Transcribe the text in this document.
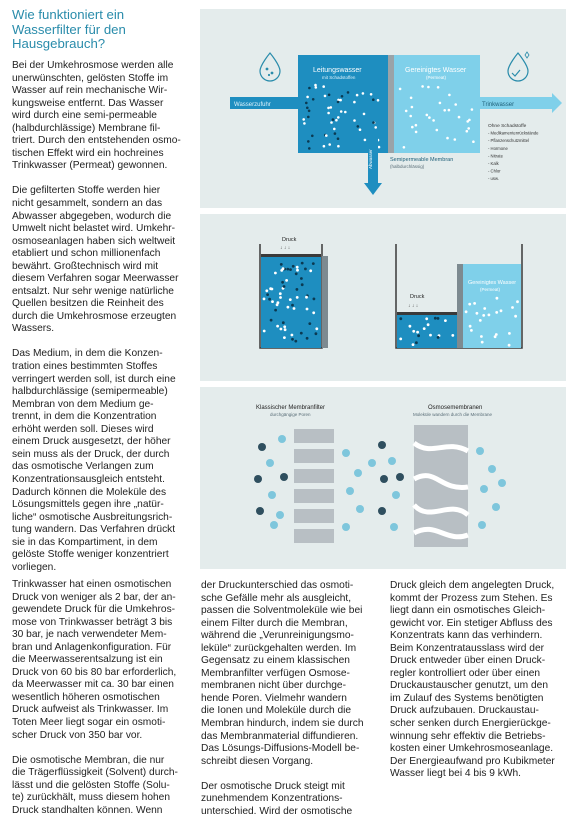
Wie funktioniert ein
Wasserfilter für den
Hausgebrauch?

Bei der Umkehrosmose werden alle
unerwünschten, gelösten Stoffe im
Wasser auf rein mechanische Wir-
kungsweise entfernt. Das Wasser
wird durch eine semi-permeable
(halbdurchlässige) Membrane fil-
triert. Durch den entstehenden osmo-
tischen Effekt wird ein hochreines
Trinkwasser (Permeat) gewonnen.

Die gefilterten Stoffe werden hier
nicht gesammelt, sondern an das
Abwasser abgegeben, wodurch die
Umwelt nicht belastet wird. Umkehr-
osmoseanlagen haben sich weltweit
etabliert und schon millionenfach
bewährt. Großtechnisch wird mit
diesem Verfahren sogar Meerwasser
entsalzt. Nur sehr wenige natürliche
Quellen besitzen die Reinheit des
durch die Umkehrosmose erzeugten
Wassers.

Das Medium, in dem die Konzen-
tration eines bestimmten Stoffes
verringert werden soll, ist durch eine
halbdurchlässige (semipermeable)
Membran von dem Medium ge-
trennt, in dem die Konzentration
erhöht werden soll. Dieses wird
einem Druck ausgesetzt, der höher
sein muss als der Druck, der durch
das osmotische Verlangen zum
Konzentrationsausgleich entsteht.
Dadurch können die Moleküle des
Lösungsmittels gegen ihre „natür-
liche“ osmotische Ausbreitungsrich-
tung wandern. Das Verfahren drückt
sie in das Kompartiment, in dem
gelöste Stoffe weniger konzentriert
vorliegen.

Wasserzufuhr
Leitungswasser
mit Schadstoffen
Gereinigtes Wasser
(Permeat)
Trinkwasser
Abwasser	Semipermeable Membran
(halbdurchlässig)
Ohne Schadstoffe
- Medikamentenrückstände
- Pflanzenschutzmittel
- Hormone
- Nitrate
- Kalk
- Chlor
- usw.
Druck
↓ ↓ ↓
Druck
↓ ↓ ↓
Gereinigtes Wasser
(Permeat)
Klassischer Membranfilter
durchgängige Poren
Osmosemembranen
Moleküle wandern durch die Membrane

Trinkwasser hat einen osmotischen
Druck von weniger als 2 bar, der an-
gewendete Druck für die Umkehros-
mose von Trinkwasser beträgt 3 bis
30 bar, je nach verwendeter Mem-
bran und Anlagenkonfiguration. Für
die Meerwasserentsalzung ist ein
Druck von 60 bis 80 bar erforderlich,
da Meerwasser mit ca. 30 bar einen
wesentlich höheren osmotischen
Druck aufweist als Trinkwasser. Im
Toten Meer liegt sogar ein osmoti-
scher Druck von 350 bar vor.

Die osmotische Membran, die nur
die Trägerflüssigkeit (Solvent) durch-
lässt und die gelösten Stoffe (Solu-
te) zurückhält, muss diesem hohen
Druck standhalten können. Wenn

der Druckunterschied das osmoti-
sche Gefälle mehr als ausgleicht,
passen die Solventmoleküle wie bei
einem Filter durch die Membran,
während die „Verunreinigungsmo-
leküle“ zurückgehalten werden. Im
Gegensatz zu einem klassischen
Membranfilter verfügen Osmose-
membranen nicht über durchge-
hende Poren. Vielmehr wandern
die Ionen und Moleküle durch die
Membran hindurch, indem sie durch
das Membranmaterial diffundieren.
Das Lösungs-Diffusions-Modell be-
schreibt diesen Vorgang.

Der osmotische Druck steigt mit
zunehmendem Konzentrations-
unterschied. Wird der osmotische

Druck gleich dem angelegten Druck,
kommt der Prozess zum Stehen. Es
liegt dann ein osmotisches Gleich-
gewicht vor. Ein stetiger Abfluss des
Konzentrats kann das verhindern.
Beim Konzentratausslass wird der
Druck entweder über einen Druck-
regler kontrolliert oder über einen
Druckaustauscher genutzt, um den
im Zulauf des Systems benötigten
Druck aufzubauen. Druckaustau-
scher senken durch Energierückge-
winnung sehr effektiv die Betriebs-
kosten einer Umkehrosmoseanlage.
Der Energieaufwand pro Kubikmeter
Wasser liegt bei 4 bis 9 kWh.
